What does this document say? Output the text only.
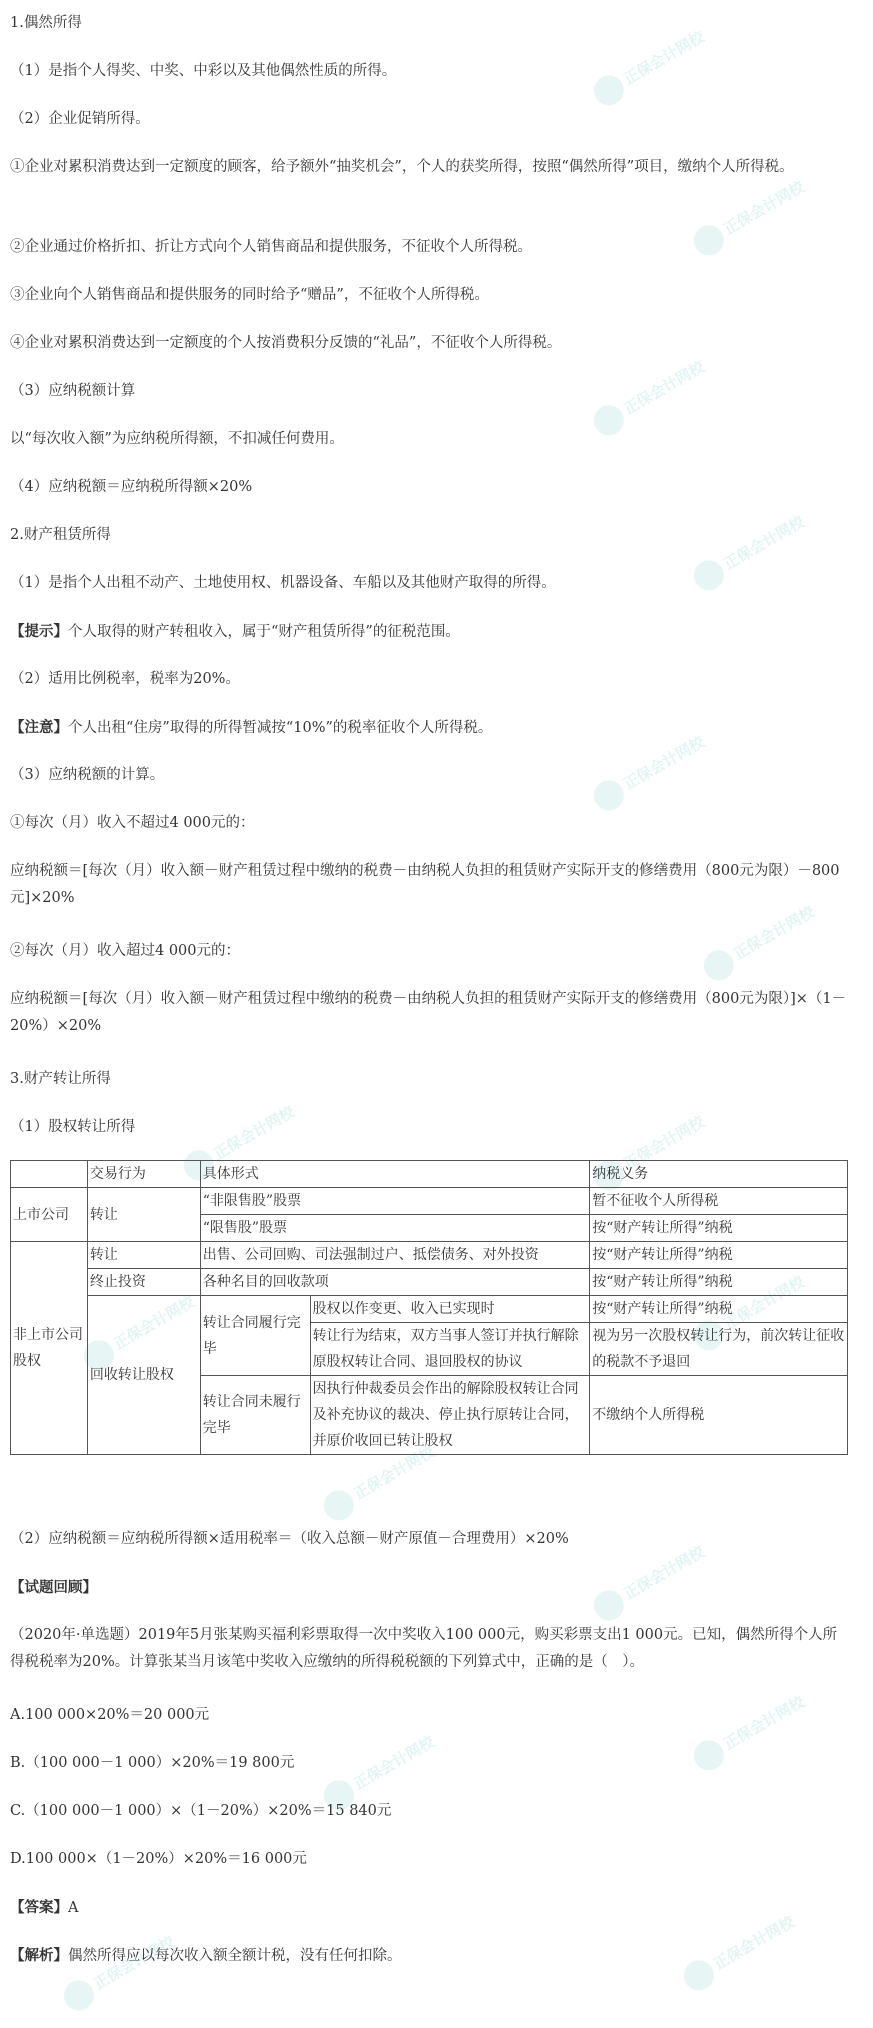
正保会计网校
正保会计网校
正保会计网校
正保会计网校
正保会计网校
正保会计网校
正保会计网校	正保会计网校
正保会计网校	正保会计网校
正保会计网校
正保会计网校
正保会计网校
正保会计网校
正保会计网校	正保会计网校

1.偶然所得

（1）是指个人得奖、中奖、中彩以及其他偶然性质的所得。

（2）企业促销所得。

①企业对累积消费达到一定额度的顾客，给予额外“抽奖机会”，个人的获奖所得，按照“偶然所得”项目，缴纳个人所得税。

②企业通过价格折扣、折让方式向个人销售商品和提供服务，不征收个人所得税。

③企业向个人销售商品和提供服务的同时给予“赠品”，不征收个人所得税。

④企业对累积消费达到一定额度的个人按消费积分反馈的“礼品”，不征收个人所得税。

（3）应纳税额计算

以“每次收入额”为应纳税所得额，不扣减任何费用。

（4）应纳税额＝应纳税所得额×20%

2.财产租赁所得

（1）是指个人出租不动产、土地使用权、机器设备、车船以及其他财产取得的所得。

【提示】个人取得的财产转租收入，属于“财产租赁所得”的征税范围。

（2）适用比例税率，税率为20%。

【注意】个人出租“住房”取得的所得暂减按“10%”的税率征收个人所得税。

（3）应纳税额的计算。

①每次（月）收入不超过4 000元的：

应纳税额＝[每次（月）收入额－财产租赁过程中缴纳的税费－由纳税人负担的租赁财产实际开支的修缮费用（800元为限）－800元]×20%

②每次（月）收入超过4 000元的：

应纳税额＝[每次（月）收入额－财产租赁过程中缴纳的税费－由纳税人负担的租赁财产实际开支的修缮费用（800元为限）]×（1－20%）×20%

3.财产转让所得

（1）股权转让所得

	交易行为	具体形式		纳税义务
上市公司	转让	“非限售股”股票		暂不征收个人所得税
		“限售股”股票		按“财产转让所得”纳税
非上市公司股权	转让	出售、公司回购、司法强制过户、抵偿债务、对外投资		按“财产转让所得”纳税
	终止投资	各种名目的回收款项		按“财产转让所得”纳税
	回收转让股权	转让合同履行完毕	股权以作变更、收入已实现时	按“财产转让所得”纳税
			转让行为结束，双方当事人签订并执行解除原股权转让合同、退回股权的协议	视为另一次股权转让行为，前次转让征收的税款不予退回
		转让合同未履行完毕	因执行仲裁委员会作出的解除股权转让合同及补充协议的裁决、停止执行原转让合同，并原价收回已转让股权	不缴纳个人所得税

（2）应纳税额＝应纳税所得额×适用税率＝（收入总额－财产原值－合理费用）×20%

【试题回顾】

（2020年·单选题）2019年5月张某购买福利彩票取得一次中奖收入100 000元，购买彩票支出1 000元。已知，偶然所得个人所得税税率为20%。计算张某当月该笔中奖收入应缴纳的所得税税额的下列算式中，正确的是（　）。

A.100 000×20%＝20 000元

B.（100 000－1 000）×20%＝19 800元

C.（100 000－1 000）×（1－20%）×20%＝15 840元

D.100 000×（1－20%）×20%＝16 000元

【答案】A

【解析】偶然所得应以每次收入额全额计税，没有任何扣除。
